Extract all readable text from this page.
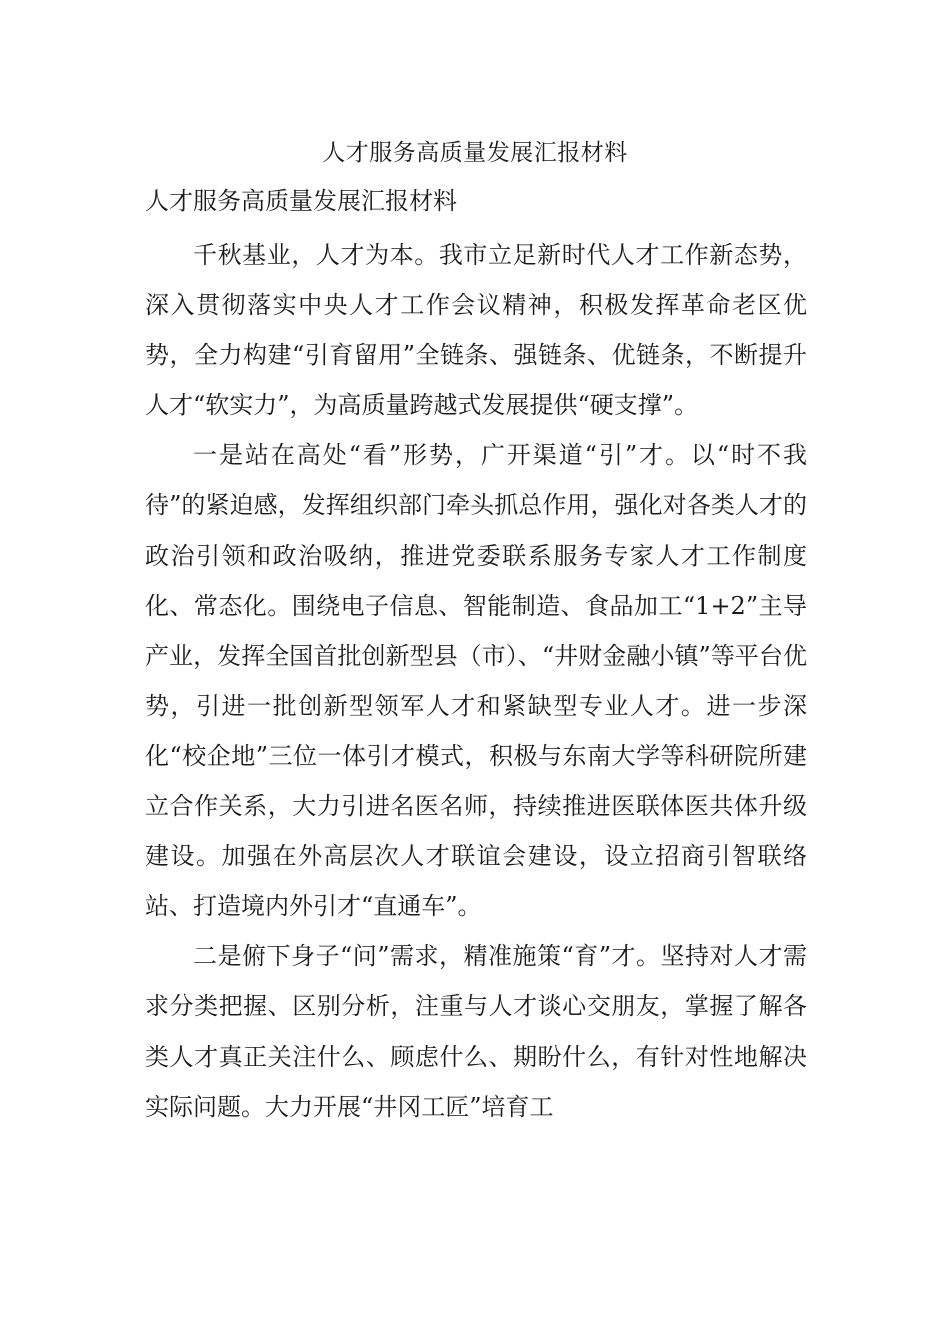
人才服务高质量发展汇报材料
人才服务高质量发展汇报材料

千秋基业，人才为本。我市立足新时代人才工作新态势，深入贯彻落实中央人才工作会议精神，积极发挥革命老区优势，全力构建“引育留用”全链条、强链条、优链条，不断提升人才“软实力”，为高质量跨越式发展提供“硬支撑”。

一是站在高处“看”形势，广开渠道“引”才。以“时不我待”的紧迫感，发挥组织部门牵头抓总作用，强化对各类人才的政治引领和政治吸纳，推进党委联系服务专家人才工作制度化、常态化。围绕电子信息、智能制造、食品加工“1+2”主导产业，发挥全国首批创新型县（市）、“井财金融小镇”等平台优势，引进一批创新型领军人才和紧缺型专业人才。进一步深化“校企地”三位一体引才模式，积极与东南大学等科研院所建立合作关系，大力引进名医名师，持续推进医联体医共体升级建设。加强在外高层次人才联谊会建设，设立招商引智联络站、打造境内外引才“直通车”。

二是俯下身子“问”需求，精准施策“育”才。坚持对人才需求分类把握、区别分析，注重与人才谈心交朋友，掌握了解各类人才真正关注什么、顾虑什么、期盼什么，有针对性地解决实际问题。大力开展“井冈工匠”培育工
